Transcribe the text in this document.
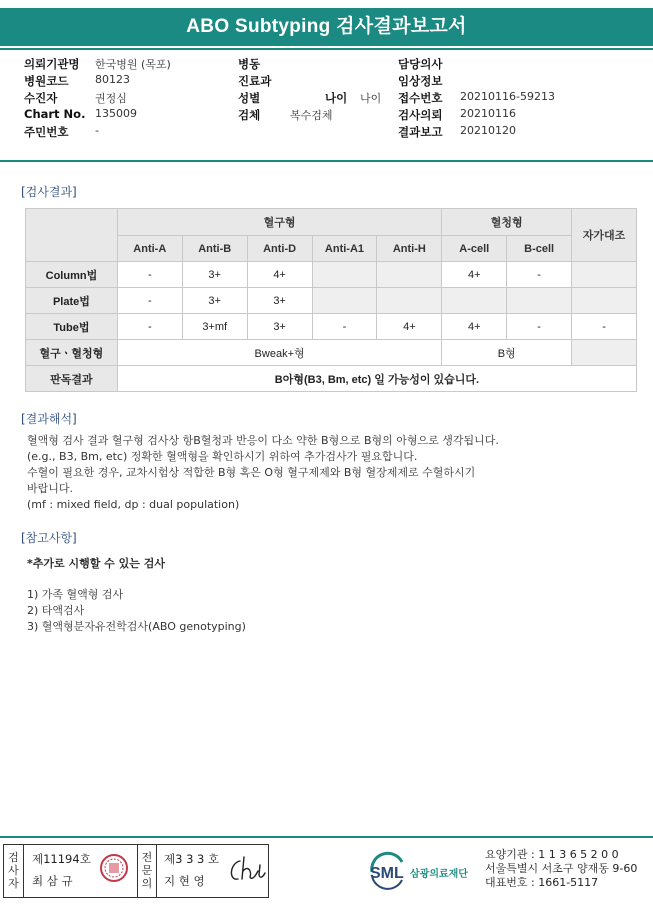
ABO Subtyping 검사결과보고서
의뢰기관명 한국병원 (목포)	병동	담당의사
병원코드 80123	진료과	임상정보
수진자	권정심	성별	나이 나이 접수번호 20210116-59213
Chart No. 135009	검체	복수검체	검사의뢰 20210116
주민번호 -	결과보고 20210120
[검사결과]
	혈구형					혈청형		자가대조
	Anti-A	Anti-B	Anti-D	Anti-A1	Anti-H	A-cell	B-cell	
Column법	-	3+	4+			4+	-	
Plate법	-	3+	3+					
Tube법	-	3+mf	3+	-	4+	4+	-	-
혈구ㆍ혈청형	Bweak+형					B형		
판독결과	B아형(B3, Bm, etc) 일 가능성이 있습니다.							
[결과해석]
혈액형 검사 결과 혈구형 검사상 항B혈청과 반응이 다소 약한 B형으로 B형의 아형으로 생각됩니다.
(e.g., B3, Bm, etc) 정확한 혈액형을 확인하시기 위하여 추가검사가 필요합니다.
수혈이 필요한 경우, 교차시험상 적합한 B형 혹은 O형 혈구제제와 B형 혈장제제로 수혈하시기
바랍니다.
(mf : mixed field, dp : dual population)
[참고사항]
*추가로 시행할 수 있는 검사
1) 가족 혈액형 검사
2) 타액검사
3) 혈액형분자유전학검사(ABO genotyping)
검
사
자
제11194호
최 삼 규
전
문
의
제3 3 3 호
지 현 영	SML 삼광의료재단
요양기관 : 1 1 3 6 5 2 0 0
서울특별시 서초구 양재동 9-60
대표번호 : 1661-5117
